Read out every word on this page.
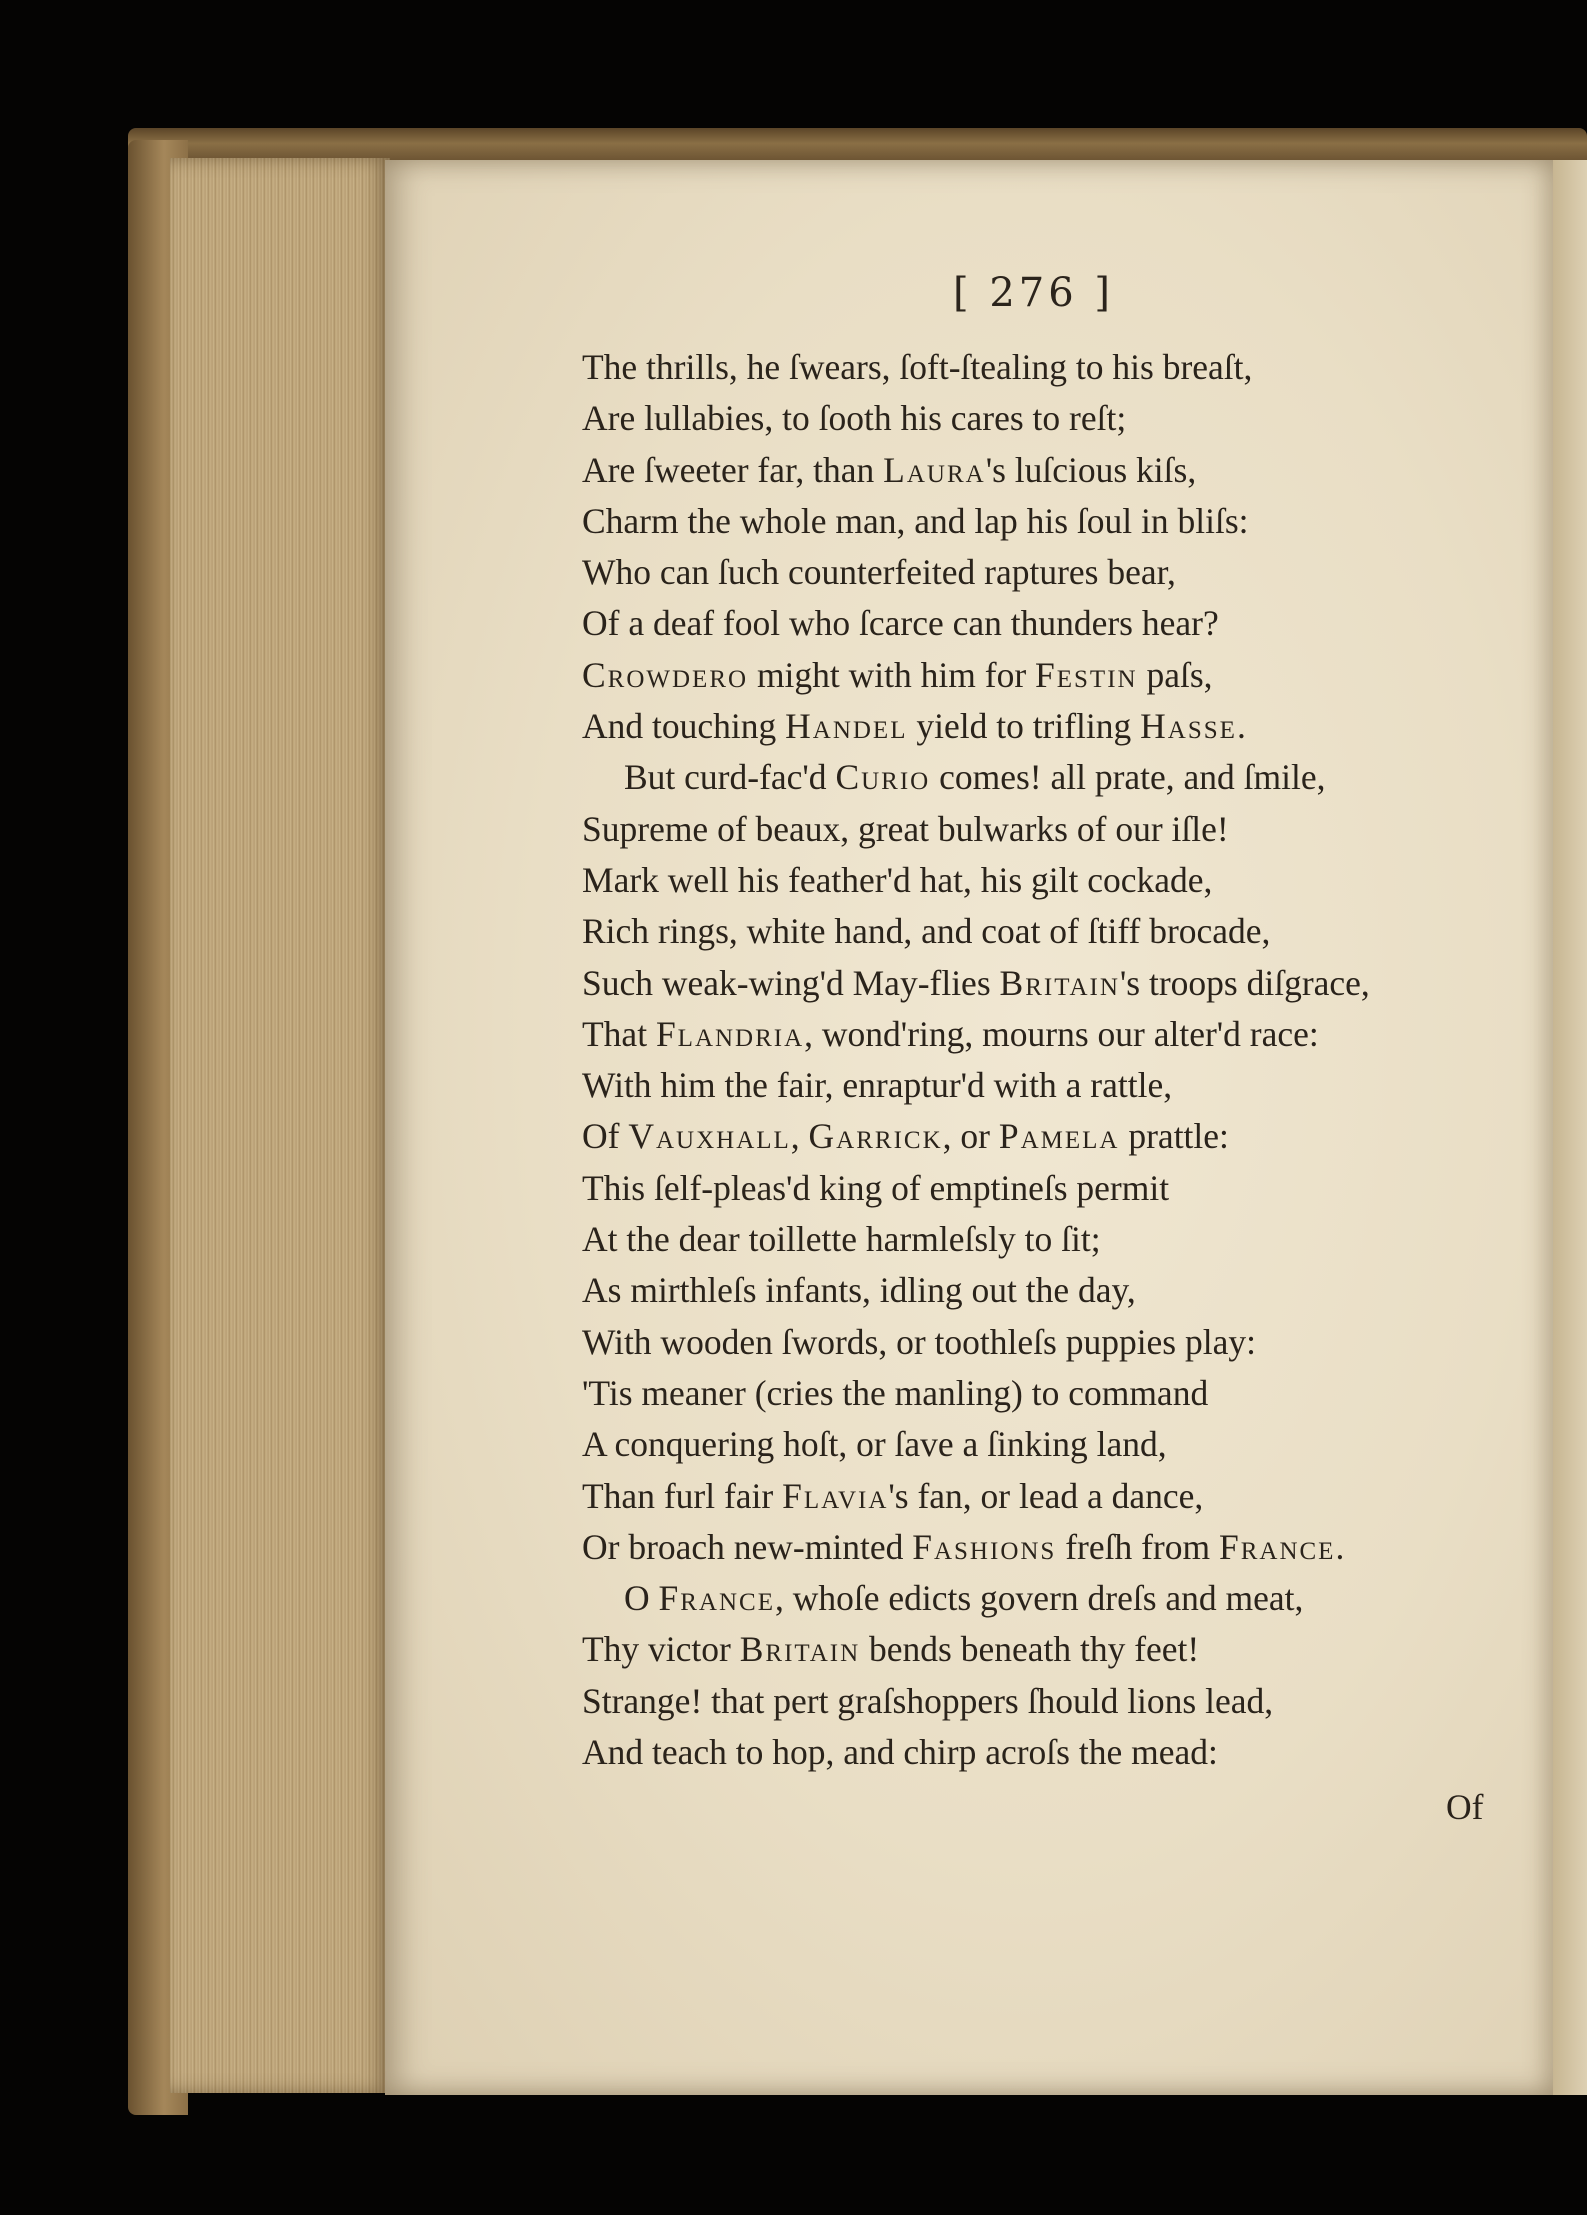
[ 276 ]
The thrills, he ſwears, ſoft-ſtealing to his breaſt,
Are lullabies, to ſooth his cares to reſt;
Are ſweeter far, than Laura's luſcious kiſs,
Charm the whole man, and lap his ſoul in bliſs:
Who can ſuch counterfeited raptures bear,
Of a deaf fool who ſcarce can thunders hear?
Crowdero might with him for Festin paſs,
And touching Handel yield to trifling Hasse.
But curd-fac'd Curio comes! all prate, and ſmile,
Supreme of beaux, great bulwarks of our iſle!
Mark well his feather'd hat, his gilt cockade,
Rich rings, white hand, and coat of ſtiff brocade,
Such weak-wing'd May-flies Britain's troops diſgrace,
That Flandria, wond'ring, mourns our alter'd race:
With him the fair, enraptur'd with a rattle,
Of Vauxhall, Garrick, or Pamela prattle:
This ſelf-pleas'd king of emptineſs permit
At the dear toillette harmleſsly to ſit;
As mirthleſs infants, idling out the day,
With wooden ſwords, or toothleſs puppies play:
'Tis meaner (cries the manling) to command
A conquering hoſt, or ſave a ſinking land,
Than furl fair Flavia's fan, or lead a dance,
Or broach new-minted Fashions freſh from France.
O France, whoſe edicts govern dreſs and meat,
Thy victor Britain bends beneath thy feet!
Strange! that pert graſshoppers ſhould lions lead,
And teach to hop, and chirp acroſs the mead:
Of
